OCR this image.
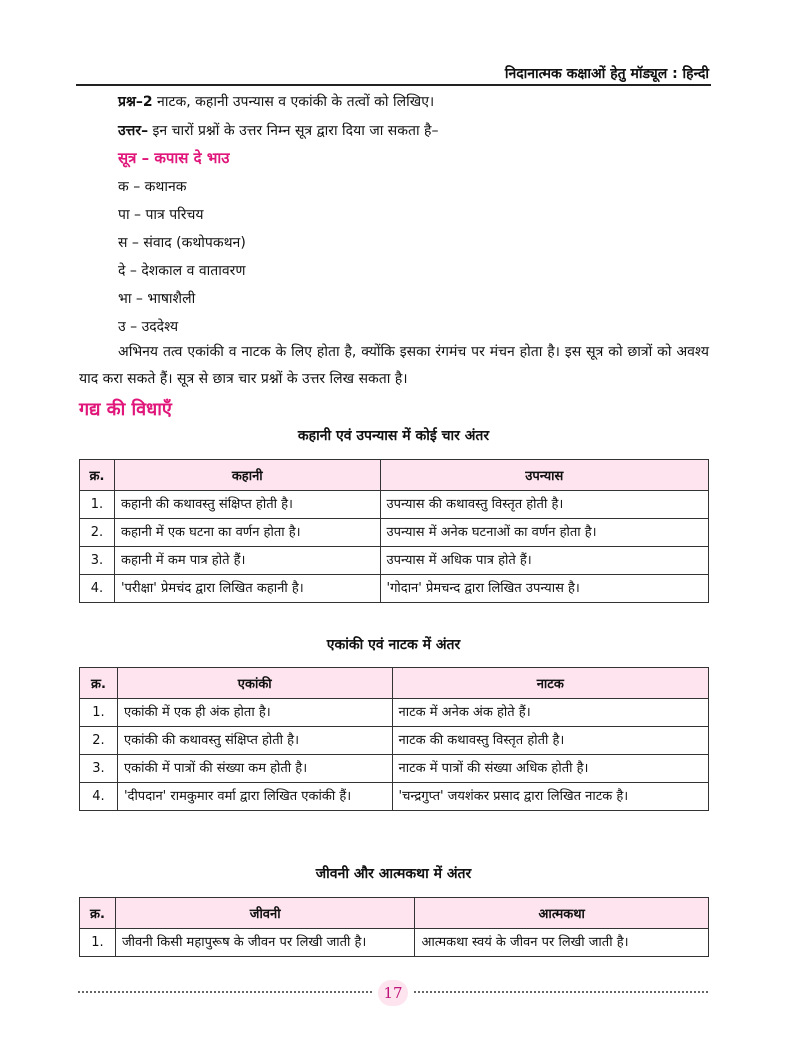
निदानात्मक कक्षाओं हेतु मॉड्यूल : हिन्दी
प्रश्न–2 नाटक, कहानी उपन्यास व एकांकी के तत्वों को लिखिए।
उत्तर– इन चारों प्रश्नों के उत्तर निम्न सूत्र द्वारा दिया जा सकता है–
सूत्र – कपास दे भाउ
क – कथानक
पा – पात्र परिचय
स – संवाद (कथोपकथन)
दे – देशकाल व वातावरण
भा – भाषाशैली
उ – उददेश्य
अभिनय तत्व एकांकी व नाटक के लिए होता है, क्योंकि इसका रंगमंच पर मंचन होता है। इस सूत्र को छात्रों को अवश्य याद करा सकते हैं। सूत्र से छात्र चार प्रश्नों के उत्तर लिख सकता है।
गद्य की विधाएँ
कहानी एवं उपन्यास में कोई चार अंतर
क्र.	कहानी	उपन्यास
1.	कहानी की कथावस्तु संक्षिप्त होती है।	उपन्यास की कथावस्तु विस्तृत होती है।
2.	कहानी में एक घटना का वर्णन होता है।	उपन्यास में अनेक घटनाओं का वर्णन होता है।
3.	कहानी में कम पात्र होते हैं।	उपन्यास में अधिक पात्र होते हैं।
4.	'परीक्षा' प्रेमचंद द्वारा लिखित कहानी है।	'गोदान' प्रेमचन्द द्वारा लिखित उपन्यास है।
एकांकी एवं नाटक में अंतर
क्र.	एकांकी	नाटक
1.	एकांकी में एक ही अंक होता है।	नाटक में अनेक अंक होते हैं।
2.	एकांकी की कथावस्तु संक्षिप्त होती है।	नाटक की कथावस्तु विस्तृत होती है।
3.	एकांकी में पात्रों की संख्या कम होती है।	नाटक में पात्रों की संख्या अधिक होती है।
4.	'दीपदान' रामकुमार वर्मा द्वारा लिखित एकांकी हैं।	'चन्द्रगुप्त' जयशंकर प्रसाद द्वारा लिखित नाटक है।
जीवनी और आत्मकथा में अंतर
क्र.	जीवनी	आत्मकथा
1.	जीवनी किसी महापुरूष के जीवन पर लिखी जाती है।	आत्मकथा स्वयं के जीवन पर लिखी जाती है।
17
